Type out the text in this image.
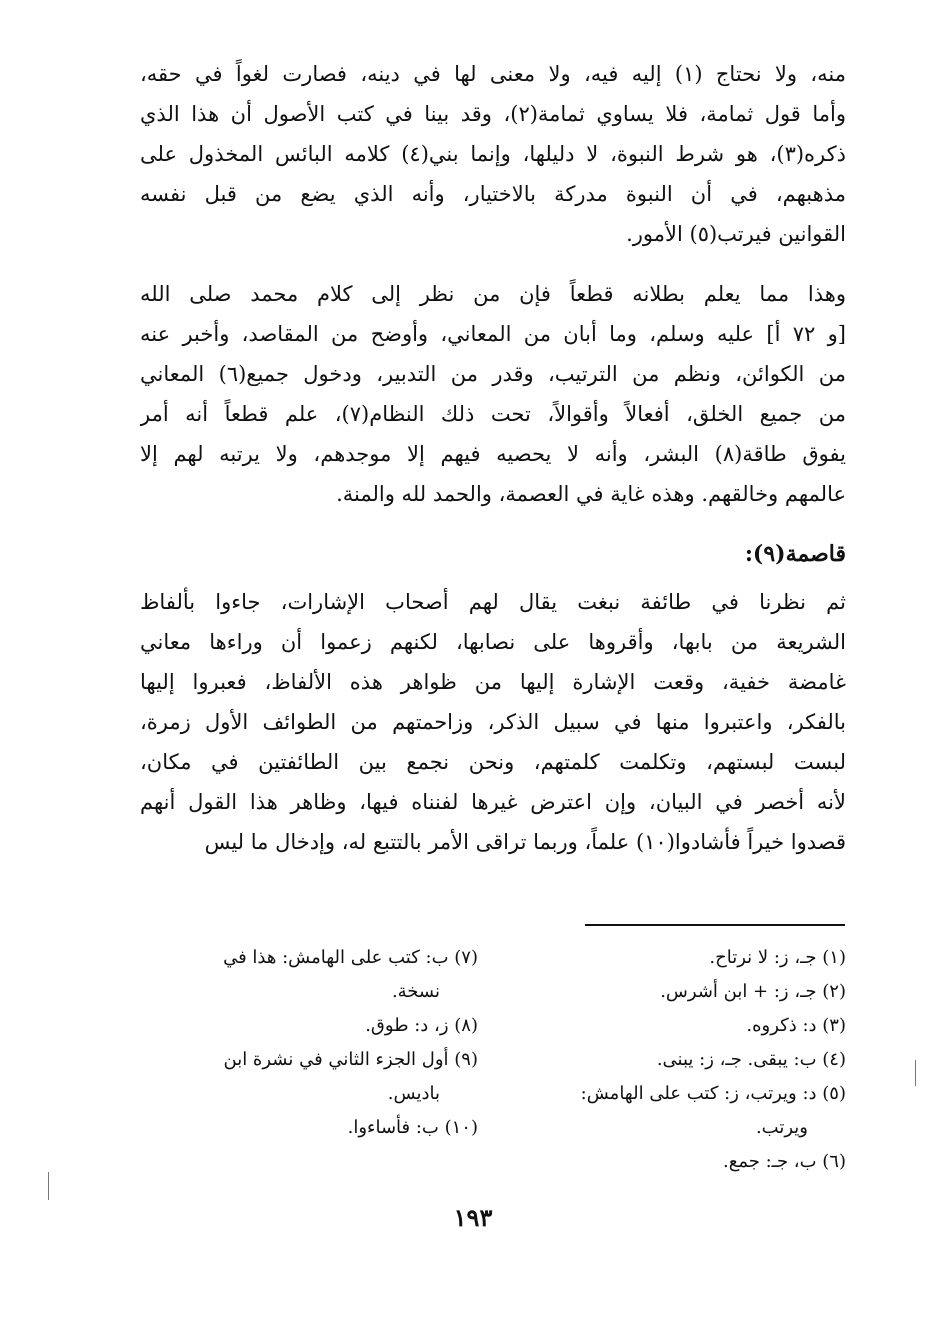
منه، ولا نحتاج (١) إليه فيه، ولا معنى لها في دينه، فصارت لغواً في حقه،
وأما قول ثمامة، فلا يساوي ثمامة(٢)، وقد بينا في كتب الأصول أن هذا الذي
ذكره(٣)، هو شرط النبوة، لا دليلها، وإنما بني(٤) كلامه البائس المخذول على
مذهبهم، في أن النبوة مدركة بالاختيار، وأنه الذي يضع من قبل نفسه
القوانين فيرتب(٥) الأمور.
وهذا مما يعلم بطلانه قطعاً فإن من نظر إلى كلام محمد صلى الله
[و ٧٢ أ] عليه وسلم، وما أبان من المعاني، وأوضح من المقاصد، وأخبر عنه
من الكوائن، ونظم من الترتيب، وقدر من التدبير، ودخول جميع(٦) المعاني
من جميع الخلق، أفعالاً وأقوالاً، تحت ذلك النظام(٧)، علم قطعاً أنه أمر
يفوق طاقة(٨) البشر، وأنه لا يحصيه فيهم إلا موجدهم، ولا يرتبه لهم إلا
عالمهم وخالقهم. وهذه غاية في العصمة، والحمد لله والمنة.
قاصمة(٩):
ثم نظرنا في طائفة نبغت يقال لهم أصحاب الإشارات، جاءوا بألفاظ
الشريعة من بابها، وأقروها على نصابها، لكنهم زعموا أن وراءها معاني
غامضة خفية، وقعت الإشارة إليها من ظواهر هذه الألفاظ، فعبروا إليها
بالفكر، واعتبروا منها في سبيل الذكر، وزاحمتهم من الطوائف الأول زمرة،
لبست لبستهم، وتكلمت كلمتهم، ونحن نجمع بين الطائفتين في مكان،
لأنه أخصر في البيان، وإن اعترض غيرها لفنناه فيها، وظاهر هذا القول أنهم
قصدوا خيراً فأشادوا(١٠) علماً، وربما تراقى الأمر بالتتبع له، وإدخال ما ليس
(١) جـ، ز: لا نرتاح.
(٢) جـ، ز: + ابن أشرس.
(٣) د: ذكروه.
(٤) ب: يبقى. جـ، ز: يبنى.
(٥) د: ويرتب، ز: كتب على الهامش:
ويرتب.
(٦) ب، جـ: جمع.
(٧) ب: كتب على الهامش: هذا في
نسخة.
(٨) ز، د: طوق.
(٩) أول الجزء الثاني في نشرة ابن
باديس.
(١٠) ب: فأساءوا.
١٩٣
